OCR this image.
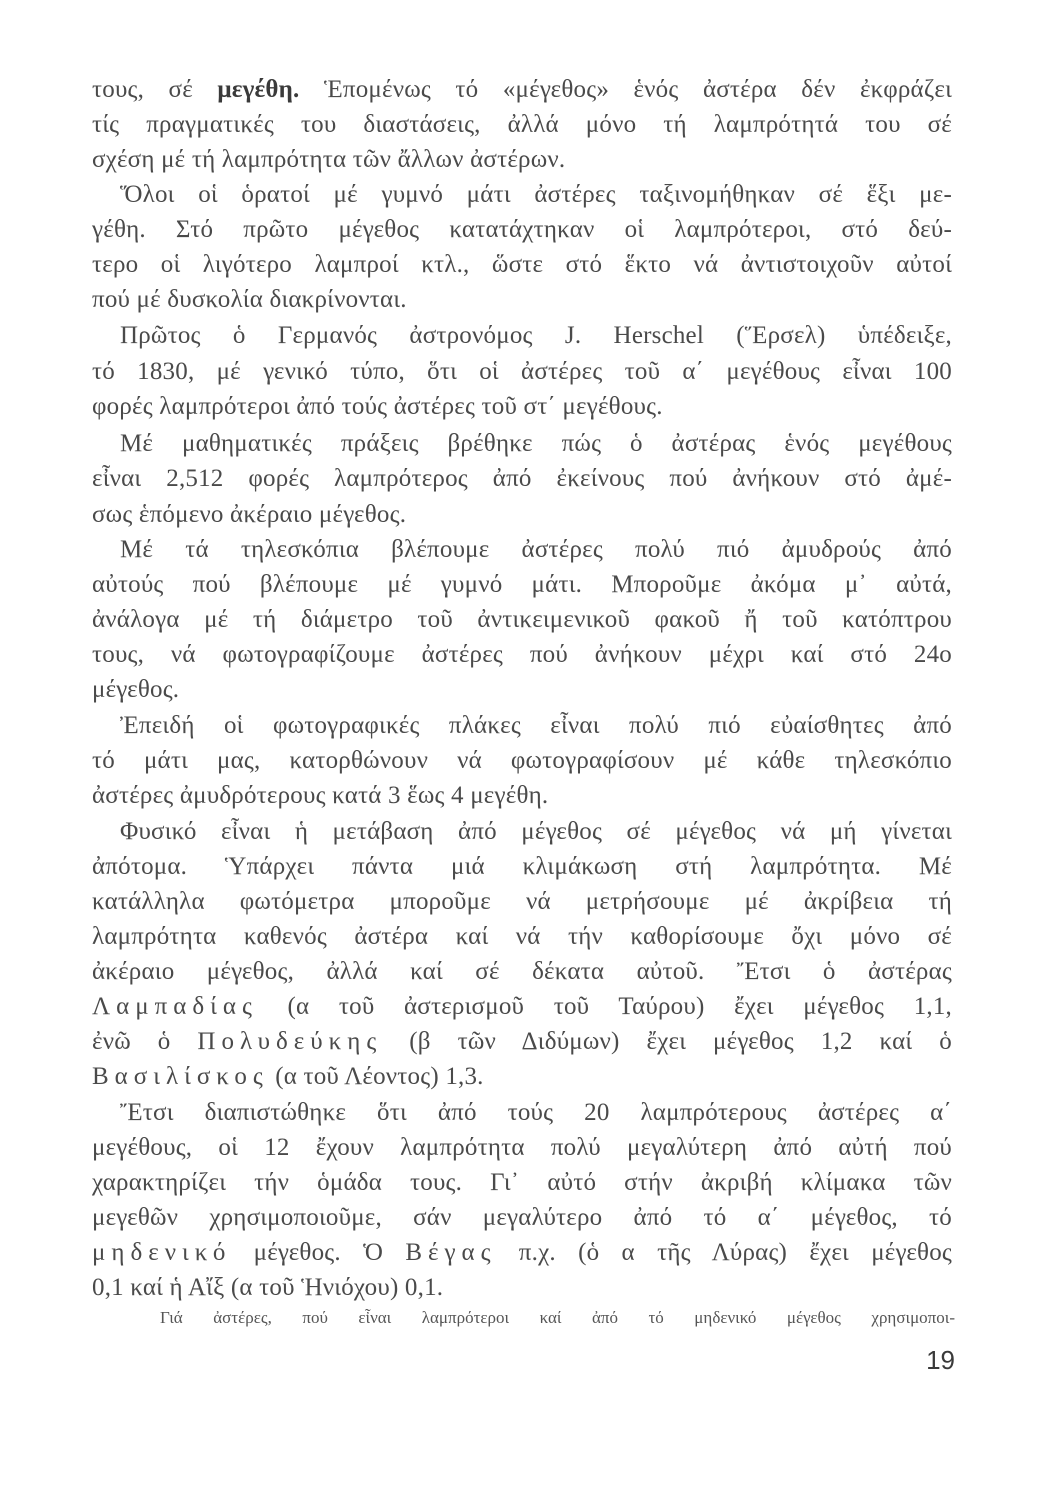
τους, σέ μεγέθη. Ἑπομένως τό «μέγεθος» ἑνός ἀστέρα δέν ἐκφράζει
τίς πραγματικές του διαστάσεις, ἀλλά μόνο τή λαμπρότητά του σέ
σχέση μέ τή λαμπρότητα τῶν ἄλλων ἀστέρων.
Ὅλοι οἱ ὁρατοί μέ γυμνό μάτι ἀστέρες ταξινομήθηκαν σέ ἕξι με-
γέθη. Στό πρῶτο μέγεθος κατατάχτηκαν οἱ λαμπρότεροι, στό δεύ-
τερο οἱ λιγότερο λαμπροί κτλ., ὥστε στό ἕκτο νά ἀντιστοιχοῦν αὐτοί
πού μέ δυσκολία διακρίνονται.
Πρῶτος ὁ Γερμανός ἀστρονόμος J. Herschel (Ἕρσελ) ὑπέδειξε,
τό 1830, μέ γενικό τύπο, ὅτι οἱ ἀστέρες τοῦ α΄ μεγέθους εἶναι 100
φορές λαμπρότεροι ἀπό τούς ἀστέρες τοῦ στ΄ μεγέθους.
Μέ μαθηματικές πράξεις βρέθηκε πώς ὁ ἀστέρας ἑνός μεγέθους
εἶναι 2,512 φορές λαμπρότερος ἀπό ἐκείνους πού ἀνήκουν στό ἀμέ-
σως ἑπόμενο ἀκέραιο μέγεθος.
Μέ τά τηλεσκόπια βλέπουμε ἀστέρες πολύ πιό ἀμυδρούς ἀπό
αὐτούς πού βλέπουμε μέ γυμνό μάτι. Μποροῦμε ἀκόμα μ᾽ αὐτά,
ἀνάλογα μέ τή διάμετρο τοῦ ἀντικειμενικοῦ φακοῦ ἤ τοῦ κατόπτρου
τους, νά φωτογραφίζουμε ἀστέρες πού ἀνήκουν μέχρι καί στό 24ο
μέγεθος.
Ἐπειδή οἱ φωτογραφικές πλάκες εἶναι πολύ πιό εὐαίσθητες ἀπό
τό μάτι μας, κατορθώνουν νά φωτογραφίσουν μέ κάθε τηλεσκόπιο
ἀστέρες ἀμυδρότερους κατά 3 ἕως 4 μεγέθη.
Φυσικό εἶναι ἡ μετάβαση ἀπό μέγεθος σέ μέγεθος νά μή γίνεται
ἀπότομα. Ὑπάρχει πάντα μιά κλιμάκωση στή λαμπρότητα. Μέ
κατάλληλα φωτόμετρα μποροῦμε νά μετρήσουμε μέ ἀκρίβεια τή
λαμπρότητα καθενός ἀστέρα καί νά τήν καθορίσουμε ὄχι μόνο σέ
ἀκέραιο μέγεθος, ἀλλά καί σέ δέκατα αὐτοῦ. Ἔτσι ὁ ἀστέρας
Λαμπαδίας (α τοῦ ἀστερισμοῦ τοῦ Ταύρου) ἔχει μέγεθος 1,1,
ἐνῶ ὁ Πολυδεύκης (β τῶν Διδύμων) ἔχει μέγεθος 1,2 καί ὁ
Βασιλίσκος (α τοῦ Λέοντος) 1,3.
Ἔτσι διαπιστώθηκε ὅτι ἀπό τούς 20 λαμπρότερους ἀστέρες α΄
μεγέθους, οἱ 12 ἔχουν λαμπρότητα πολύ μεγαλύτερη ἀπό αὐτή πού
χαρακτηρίζει τήν ὁμάδα τους. Γι᾽ αὐτό στήν ἀκριβή κλίμακα τῶν
μεγεθῶν χρησιμοποιοῦμε, σάν μεγαλύτερο ἀπό τό α΄ μέγεθος, τό
μηδενικό μέγεθος. Ὁ Βέγας π.χ. (ὁ α τῆς Λύρας) ἔχει μέγεθος
0,1 καί ἡ Αἴξ (α τοῦ Ἡνιόχου) 0,1.
Γιά ἀστέρες, πού εἶναι λαμπρότεροι καί ἀπό τό μηδενικό μέγεθος χρησιμοποι-
19
